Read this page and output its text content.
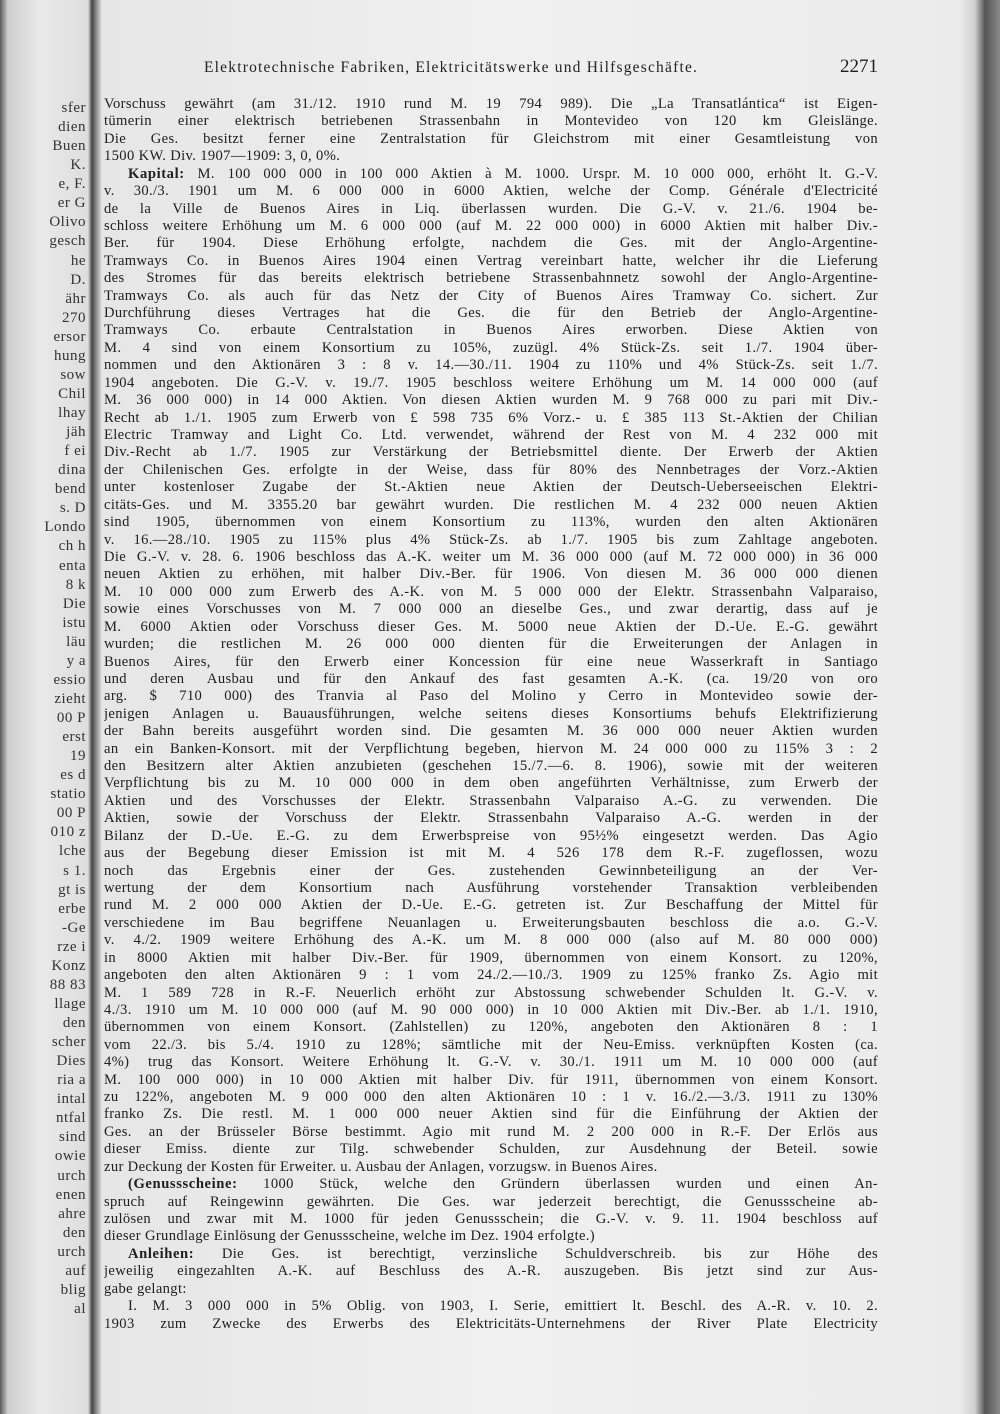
sfer
dien
Buen
K.
e, F.
er G
Olivo
gesch
he
D.
ähr
270
ersor
hung
sow
Chil
lhay
jäh
f ei
dina
bend
s. D
Londo
ch h
enta
8 k
Die
istu
läu
y a
essio
zieht
00 P
erst
19
es d
statio
00 P
010 z
lche
s 1.
gt is
erbe
-Ge
rze i
Konz
88 83
llage
den
scher
Dies
ria a
intal
ntfal
sind
owie
urch
enen
ahre
den
urch
auf
blig
al
Elektrotechnische Fabriken, Elektricitätswerke und Hilfsgeschäfte.	2271
Vorschuss gewährt (am 31./12. 1910 rund M. 19 794 989). Die „La Transatlántica“ ist Eigen-
tümerin einer elektrisch betriebenen Strassenbahn in Montevideo von 120 km Gleislänge.
Die Ges. besitzt ferner eine Zentralstation für Gleichstrom mit einer Gesamtleistung von
1500 KW. Div. 1907—1909: 3, 0, 0%.
Kapital: M. 100 000 000 in 100 000 Aktien à M. 1000. Urspr. M. 10 000 000, erhöht lt. G.-V.
v. 30./3. 1901 um M. 6 000 000 in 6000 Aktien, welche der Comp. Générale d'Electricité
de la Ville de Buenos Aires in Liq. überlassen wurden. Die G.-V. v. 21./6. 1904 be-
schloss weitere Erhöhung um M. 6 000 000 (auf M. 22 000 000) in 6000 Aktien mit halber Div.-
Ber. für 1904. Diese Erhöhung erfolgte, nachdem die Ges. mit der Anglo-Argentine-
Tramways Co. in Buenos Aires 1904 einen Vertrag vereinbart hatte, welcher ihr die Lieferung
des Stromes für das bereits elektrisch betriebene Strassenbahnnetz sowohl der Anglo-Argentine-
Tramways Co. als auch für das Netz der City of Buenos Aires Tramway Co. sichert. Zur
Durchführung dieses Vertrages hat die Ges. die für den Betrieb der Anglo-Argentine-
Tramways Co. erbaute Centralstation in Buenos Aires erworben. Diese Aktien von
M. 4 sind von einem Konsortium zu 105%, zuzügl. 4% Stück-Zs. seit 1./7. 1904 über-
nommen und den Aktionären 3 : 8 v. 14.—30./11. 1904 zu 110% und 4% Stück-Zs. seit 1./7.
1904 angeboten. Die G.-V. v. 19./7. 1905 beschloss weitere Erhöhung um M. 14 000 000 (auf
M. 36 000 000) in 14 000 Aktien. Von diesen Aktien wurden M. 9 768 000 zu pari mit Div.-
Recht ab 1./1. 1905 zum Erwerb von £ 598 735 6% Vorz.- u. £ 385 113 St.-Aktien der Chilian
Electric Tramway and Light Co. Ltd. verwendet, während der Rest von M. 4 232 000 mit
Div.-Recht ab 1./7. 1905 zur Verstärkung der Betriebsmittel diente. Der Erwerb der Aktien
der Chilenischen Ges. erfolgte in der Weise, dass für 80% des Nennbetrages der Vorz.-Aktien
unter kostenloser Zugabe der St.-Aktien neue Aktien der Deutsch-Ueberseeischen Elektri-
citäts-Ges. und M. 3355.20 bar gewährt wurden. Die restlichen M. 4 232 000 neuen Aktien
sind 1905, übernommen von einem Konsortium zu 113%, wurden den alten Aktionären
v. 16.—28./10. 1905 zu 115% plus 4% Stück-Zs. ab 1./7. 1905 bis zum Zahltage angeboten.
Die G.-V. v. 28. 6. 1906 beschloss das A.-K. weiter um M. 36 000 000 (auf M. 72 000 000) in 36 000
neuen Aktien zu erhöhen, mit halber Div.-Ber. für 1906. Von diesen M. 36 000 000 dienen
M. 10 000 000 zum Erwerb des A.-K. von M. 5 000 000 der Elektr. Strassenbahn Valparaiso,
sowie eines Vorschusses von M. 7 000 000 an dieselbe Ges., und zwar derartig, dass auf je
M. 6000 Aktien oder Vorschuss dieser Ges. M. 5000 neue Aktien der D.-Ue. E.-G. gewährt
wurden; die restlichen M. 26 000 000 dienten für die Erweiterungen der Anlagen in
Buenos Aires, für den Erwerb einer Koncession für eine neue Wasserkraft in Santiago
und deren Ausbau und für den Ankauf des fast gesamten A.-K. (ca. 19/20 von oro
arg. $ 710 000) des Tranvia al Paso del Molino y Cerro in Montevideo sowie der-
jenigen Anlagen u. Bauausführungen, welche seitens dieses Konsortiums behufs Elektrifizierung
der Bahn bereits ausgeführt worden sind. Die gesamten M. 36 000 000 neuer Aktien wurden
an ein Banken-Konsort. mit der Verpflichtung begeben, hiervon M. 24 000 000 zu 115% 3 : 2
den Besitzern alter Aktien anzubieten (geschehen 15./7.—6. 8. 1906), sowie mit der weiteren
Verpflichtung bis zu M. 10 000 000 in dem oben angeführten Verhältnisse, zum Erwerb der
Aktien und des Vorschusses der Elektr. Strassenbahn Valparaiso A.-G. zu verwenden. Die
Aktien, sowie der Vorschuss der Elektr. Strassenbahn Valparaiso A.-G. werden in der
Bilanz der D.-Ue. E.-G. zu dem Erwerbspreise von 95½% eingesetzt werden. Das Agio
aus der Begebung dieser Emission ist mit M. 4 526 178 dem R.-F. zugeflossen, wozu
noch das Ergebnis einer der Ges. zustehenden Gewinnbeteiligung an der Ver-
wertung der dem Konsortium nach Ausführung vorstehender Transaktion verbleibenden
rund M. 2 000 000 Aktien der D.-Ue. E.-G. getreten ist. Zur Beschaffung der Mittel für
verschiedene im Bau begriffene Neuanlagen u. Erweiterungsbauten beschloss die a.o. G.-V.
v. 4./2. 1909 weitere Erhöhung des A.-K. um M. 8 000 000 (also auf M. 80 000 000)
in 8000 Aktien mit halber Div.-Ber. für 1909, übernommen von einem Konsort. zu 120%,
angeboten den alten Aktionären 9 : 1 vom 24./2.—10./3. 1909 zu 125% franko Zs. Agio mit
M. 1 589 728 in R.-F. Neuerlich erhöht zur Abstossung schwebender Schulden lt. G.-V. v.
4./3. 1910 um M. 10 000 000 (auf M. 90 000 000) in 10 000 Aktien mit Div.-Ber. ab 1./1. 1910,
übernommen von einem Konsort. (Zahlstellen) zu 120%, angeboten den Aktionären 8 : 1
vom 22./3. bis 5./4. 1910 zu 128%; sämtliche mit der Neu-Emiss. verknüpften Kosten (ca.
4%) trug das Konsort. Weitere Erhöhung lt. G.-V. v. 30./1. 1911 um M. 10 000 000 (auf
M. 100 000 000) in 10 000 Aktien mit halber Div. für 1911, übernommen von einem Konsort.
zu 122%, angeboten M. 9 000 000 den alten Aktionären 10 : 1 v. 16./2.—3./3. 1911 zu 130%
franko Zs. Die restl. M. 1 000 000 neuer Aktien sind für die Einführung der Aktien der
Ges. an der Brüsseler Börse bestimmt. Agio mit rund M. 2 200 000 in R.-F. Der Erlös aus
dieser Emiss. diente zur Tilg. schwebender Schulden, zur Ausdehnung der Beteil. sowie
zur Deckung der Kosten für Erweiter. u. Ausbau der Anlagen, vorzugsw. in Buenos Aires.
(Genussscheine: 1000 Stück, welche den Gründern überlassen wurden und einen An-
spruch auf Reingewinn gewährten. Die Ges. war jederzeit berechtigt, die Genussscheine ab-
zulösen und zwar mit M. 1000 für jeden Genussschein; die G.-V. v. 9. 11. 1904 beschloss auf
dieser Grundlage Einlösung der Genussscheine, welche im Dez. 1904 erfolgte.)
Anleihen: Die Ges. ist berechtigt, verzinsliche Schuldverschreib. bis zur Höhe des
jeweilig eingezahlten A.-K. auf Beschluss des A.-R. auszugeben. Bis jetzt sind zur Aus-
gabe gelangt:
I. M. 3 000 000 in 5% Oblig. von 1903, I. Serie, emittiert lt. Beschl. des A.-R. v. 10. 2.
1903 zum Zwecke des Erwerbs des Elektricitäts-Unternehmens der River Plate Electricity
